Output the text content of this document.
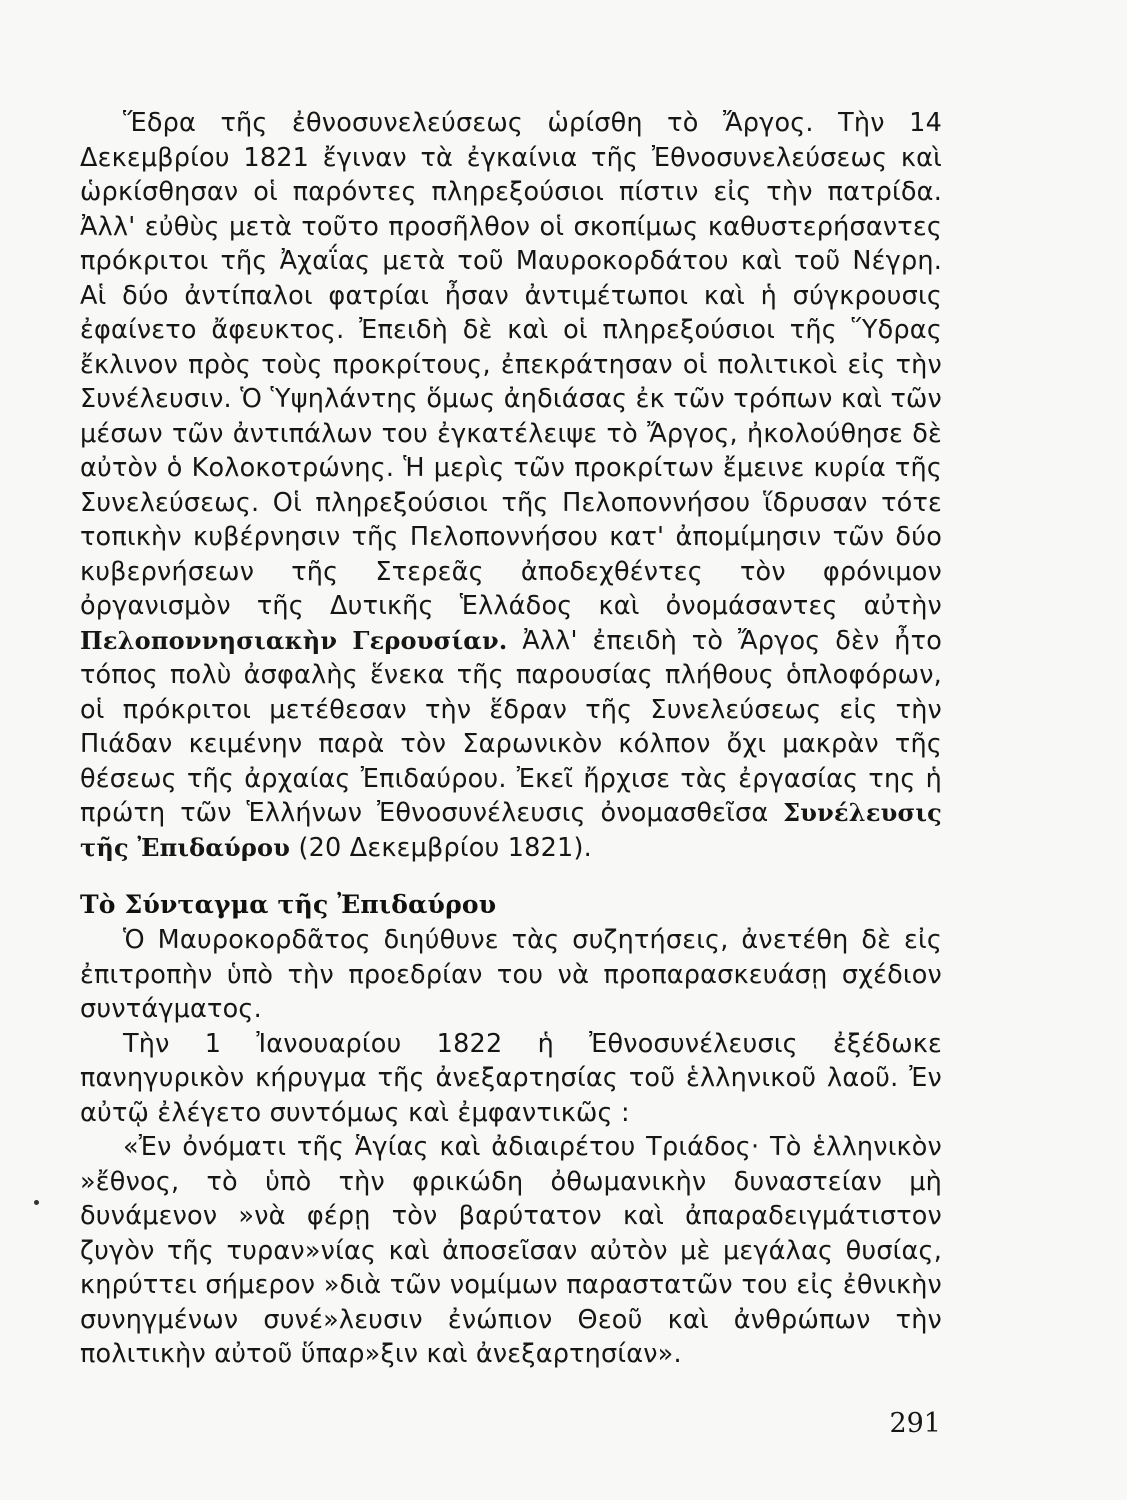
Ἕδρα τῆς ἐθνοσυνελεύσεως ὡρίσθη τὸ Ἄργος. Τὴν 14 Δεκεμβρίου 1821 ἔγιναν τὰ ἐγκαίνια τῆς Ἐθνοσυνελεύσεως καὶ ὡρκίσθησαν οἱ παρόντες πληρεξούσιοι πίστιν εἰς τὴν πατρίδα. Ἀλλ' εὐθὺς μετὰ τοῦτο προσῆλθον οἱ σκοπίμως καθυστερήσαντες πρόκριτοι τῆς Ἀχαΐας μετὰ τοῦ Μαυροκορδάτου καὶ τοῦ Νέγρη. Αἱ δύο ἀντίπαλοι φατρίαι ἦσαν ἀντιμέτωποι καὶ ἡ σύγκρουσις ἐφαίνετο ἄφευκτος. Ἐπειδὴ δὲ καὶ οἱ πληρεξούσιοι τῆς Ὕδρας ἔκλινον πρὸς τοὺς προκρίτους, ἐπεκράτησαν οἱ πολιτικοὶ εἰς τὴν Συνέλευσιν. Ὁ Ὑψηλάντης ὅμως ἀηδιάσας ἐκ τῶν τρόπων καὶ τῶν μέσων τῶν ἀντιπάλων του ἐγκατέλειψε τὸ Ἄργος, ἠκολούθησε δὲ αὐτὸν ὁ Κολοκοτρώνης. Ἡ μερὶς τῶν προκρίτων ἔμεινε κυρία τῆς Συνελεύσεως. Οἱ πληρεξούσιοι τῆς Πελοποννήσου ἵδρυσαν τότε τοπικὴν κυβέρνησιν τῆς Πελοποννήσου κατ' ἀπομίμησιν τῶν δύο κυβερνήσεων τῆς Στερεᾶς ἀποδεχθέντες τὸν φρόνιμον ὀργανισμὸν τῆς Δυτικῆς Ἑλλάδος καὶ ὀνομάσαντες αὐτὴν Πελοποννησιακὴν Γερουσίαν. Ἀλλ' ἐπειδὴ τὸ Ἄργος δὲν ἦτο τόπος πολὺ ἀσφαλὴς ἕνεκα τῆς παρουσίας πλήθους ὁπλοφόρων, οἱ πρόκριτοι μετέθεσαν τὴν ἕδραν τῆς Συνελεύσεως εἰς τὴν Πιάδαν κειμένην παρὰ τὸν Σαρωνικὸν κόλπον ὄχι μακρὰν τῆς θέσεως τῆς ἀρχαίας Ἐπιδαύρου. Ἐκεῖ ἤρχισε τὰς ἐργασίας της ἡ πρώτη τῶν Ἑλλήνων Ἐθνοσυνέλευσις ὀνομασθεῖσα Συνέλευσις τῆς Ἐπιδαύρου (20 Δεκεμβρίου 1821).

Τὸ Σύνταγμα τῆς Ἐπιδαύρου

Ὁ Μαυροκορδᾶτος διηύθυνε τὰς συζητήσεις, ἀνετέθη δὲ εἰς ἐπιτροπὴν ὑπὸ τὴν προεδρίαν του νὰ προπαρασκευάσῃ σχέδιον συντάγματος.

Τὴν 1 Ἰανουαρίου 1822 ἡ Ἐθνοσυνέλευσις ἐξέδωκε πανηγυρικὸν κήρυγμα τῆς ἀνεξαρτησίας τοῦ ἑλληνικοῦ λαοῦ. Ἐν αὐτῷ ἐλέγετο συντόμως καὶ ἐμφαντικῶς :

«Ἐν ὀνόματι τῆς Ἁγίας καὶ ἀδιαιρέτου Τριάδος· Τὸ ἑλληνικὸν »ἔθνος, τὸ ὑπὸ τὴν φρικώδη ὀθωμανικὴν δυναστείαν μὴ δυνάμενον »νὰ φέρῃ τὸν βαρύτατον καὶ ἀπαραδειγμάτιστον ζυγὸν τῆς τυραν»νίας καὶ ἀποσεῖσαν αὐτὸν μὲ μεγάλας θυσίας, κηρύττει σήμερον »διὰ τῶν νομίμων παραστατῶν του εἰς ἐθνικὴν συνηγμένων συνέ»λευσιν ἐνώπιον Θεοῦ καὶ ἀνθρώπων τὴν πολιτικὴν αὐτοῦ ὕπαρ»ξιν καὶ ἀνεξαρτησίαν».

291
